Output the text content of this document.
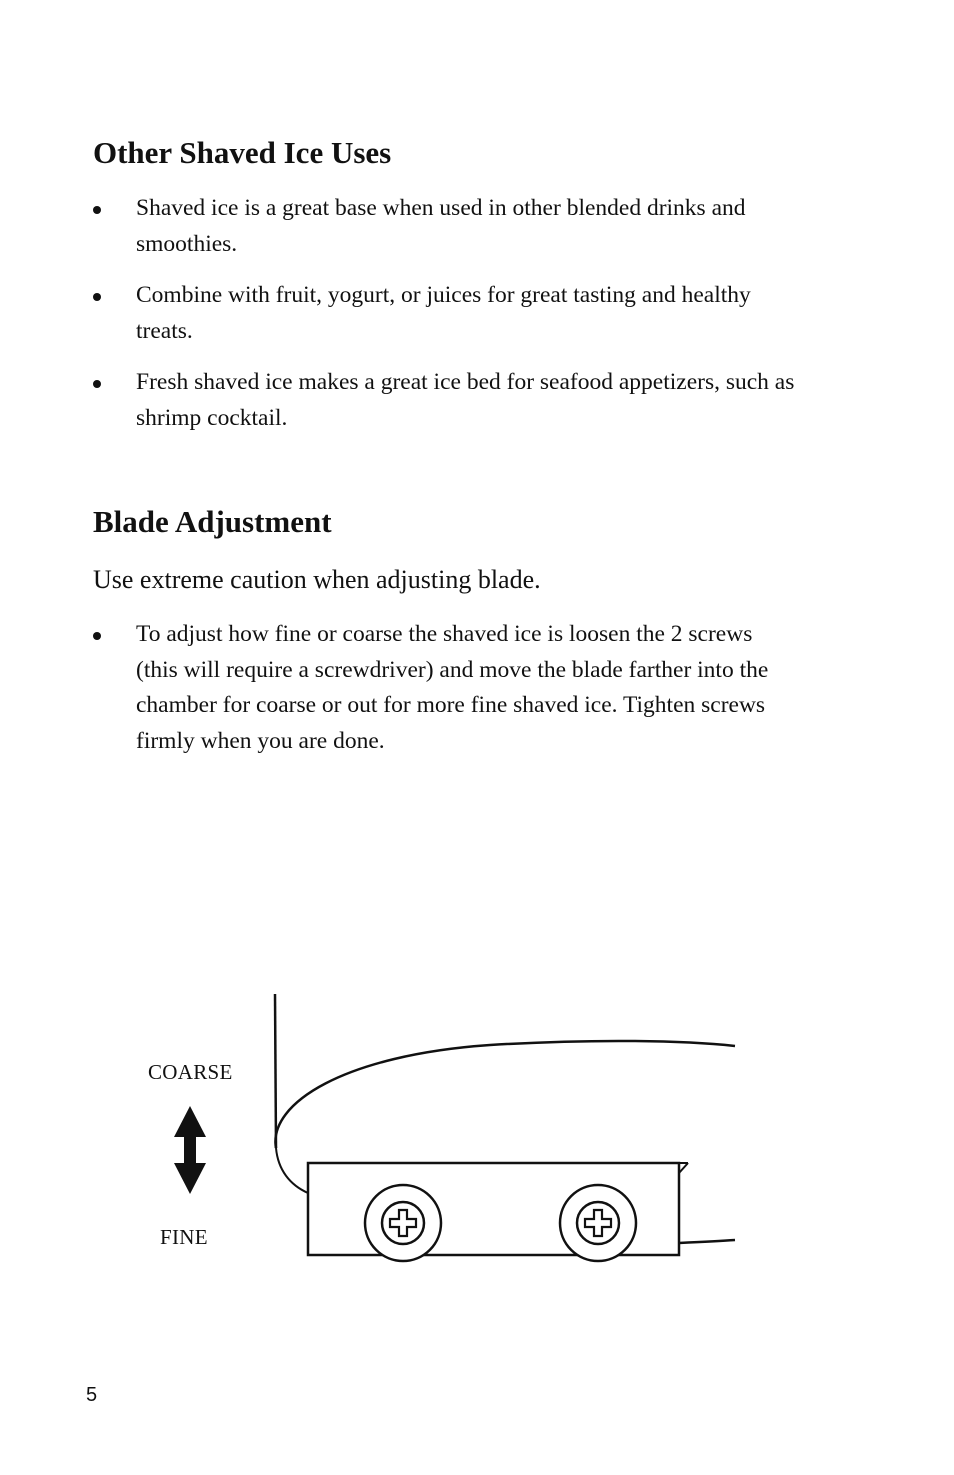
Other Shaved Ice Uses

Shaved ice is a great base when used in other blended drinks and
smoothies.

Combine with fruit, yogurt, or juices for great tasting and healthy
treats.

Fresh shaved ice makes a great ice bed for seafood appetizers, such as
shrimp cocktail.

Blade Adjustment

Use extreme caution when adjusting blade.

To adjust how fine or coarse the shaved ice is loosen the 2 screws
(this will require a screwdriver) and move the blade farther into the
chamber for coarse or out for more fine shaved ice. Tighten screws
firmly when you are done.

COARSE
FINE
5
